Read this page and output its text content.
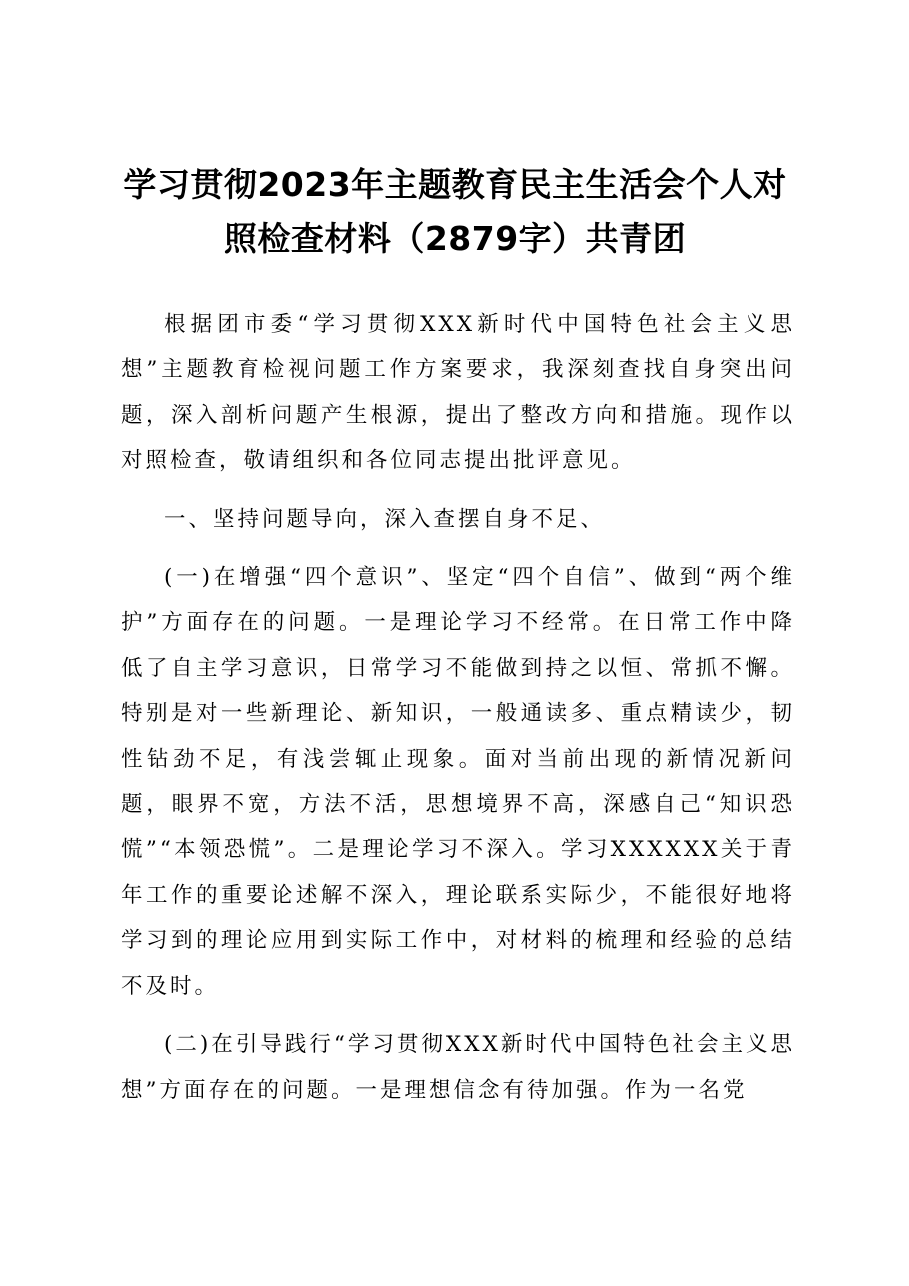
学习贯彻2023年主题教育民主生活会个人对照检查材料（2879字）共青团

根据团市委“学习贯彻XXX新时代中国特色社会主义思想”主题教育检视问题工作方案要求，我深刻查找自身突出问题，深入剖析问题产生根源，提出了整改方向和措施。现作以对照检查，敬请组织和各位同志提出批评意见。

一、坚持问题导向，深入查摆自身不足、

(一)在增强“四个意识”、坚定“四个自信”、做到“两个维护”方面存在的问题。一是理论学习不经常。在日常工作中降低了自主学习意识，日常学习不能做到持之以恒、常抓不懈。特别是对一些新理论、新知识，一般通读多、重点精读少，韧性钻劲不足，有浅尝辄止现象。面对当前出现的新情况新问题，眼界不宽，方法不活，思想境界不高，深感自己“知识恐慌”“本领恐慌”。二是理论学习不深入。学习XXXXXX关于青年工作的重要论述解不深入，理论联系实际少，不能很好地将学习到的理论应用到实际工作中，对材料的梳理和经验的总结不及时。

(二)在引导践行“学习贯彻XXX新时代中国特色社会主义思想”方面存在的问题。一是理想信念有待加强。作为一名党
